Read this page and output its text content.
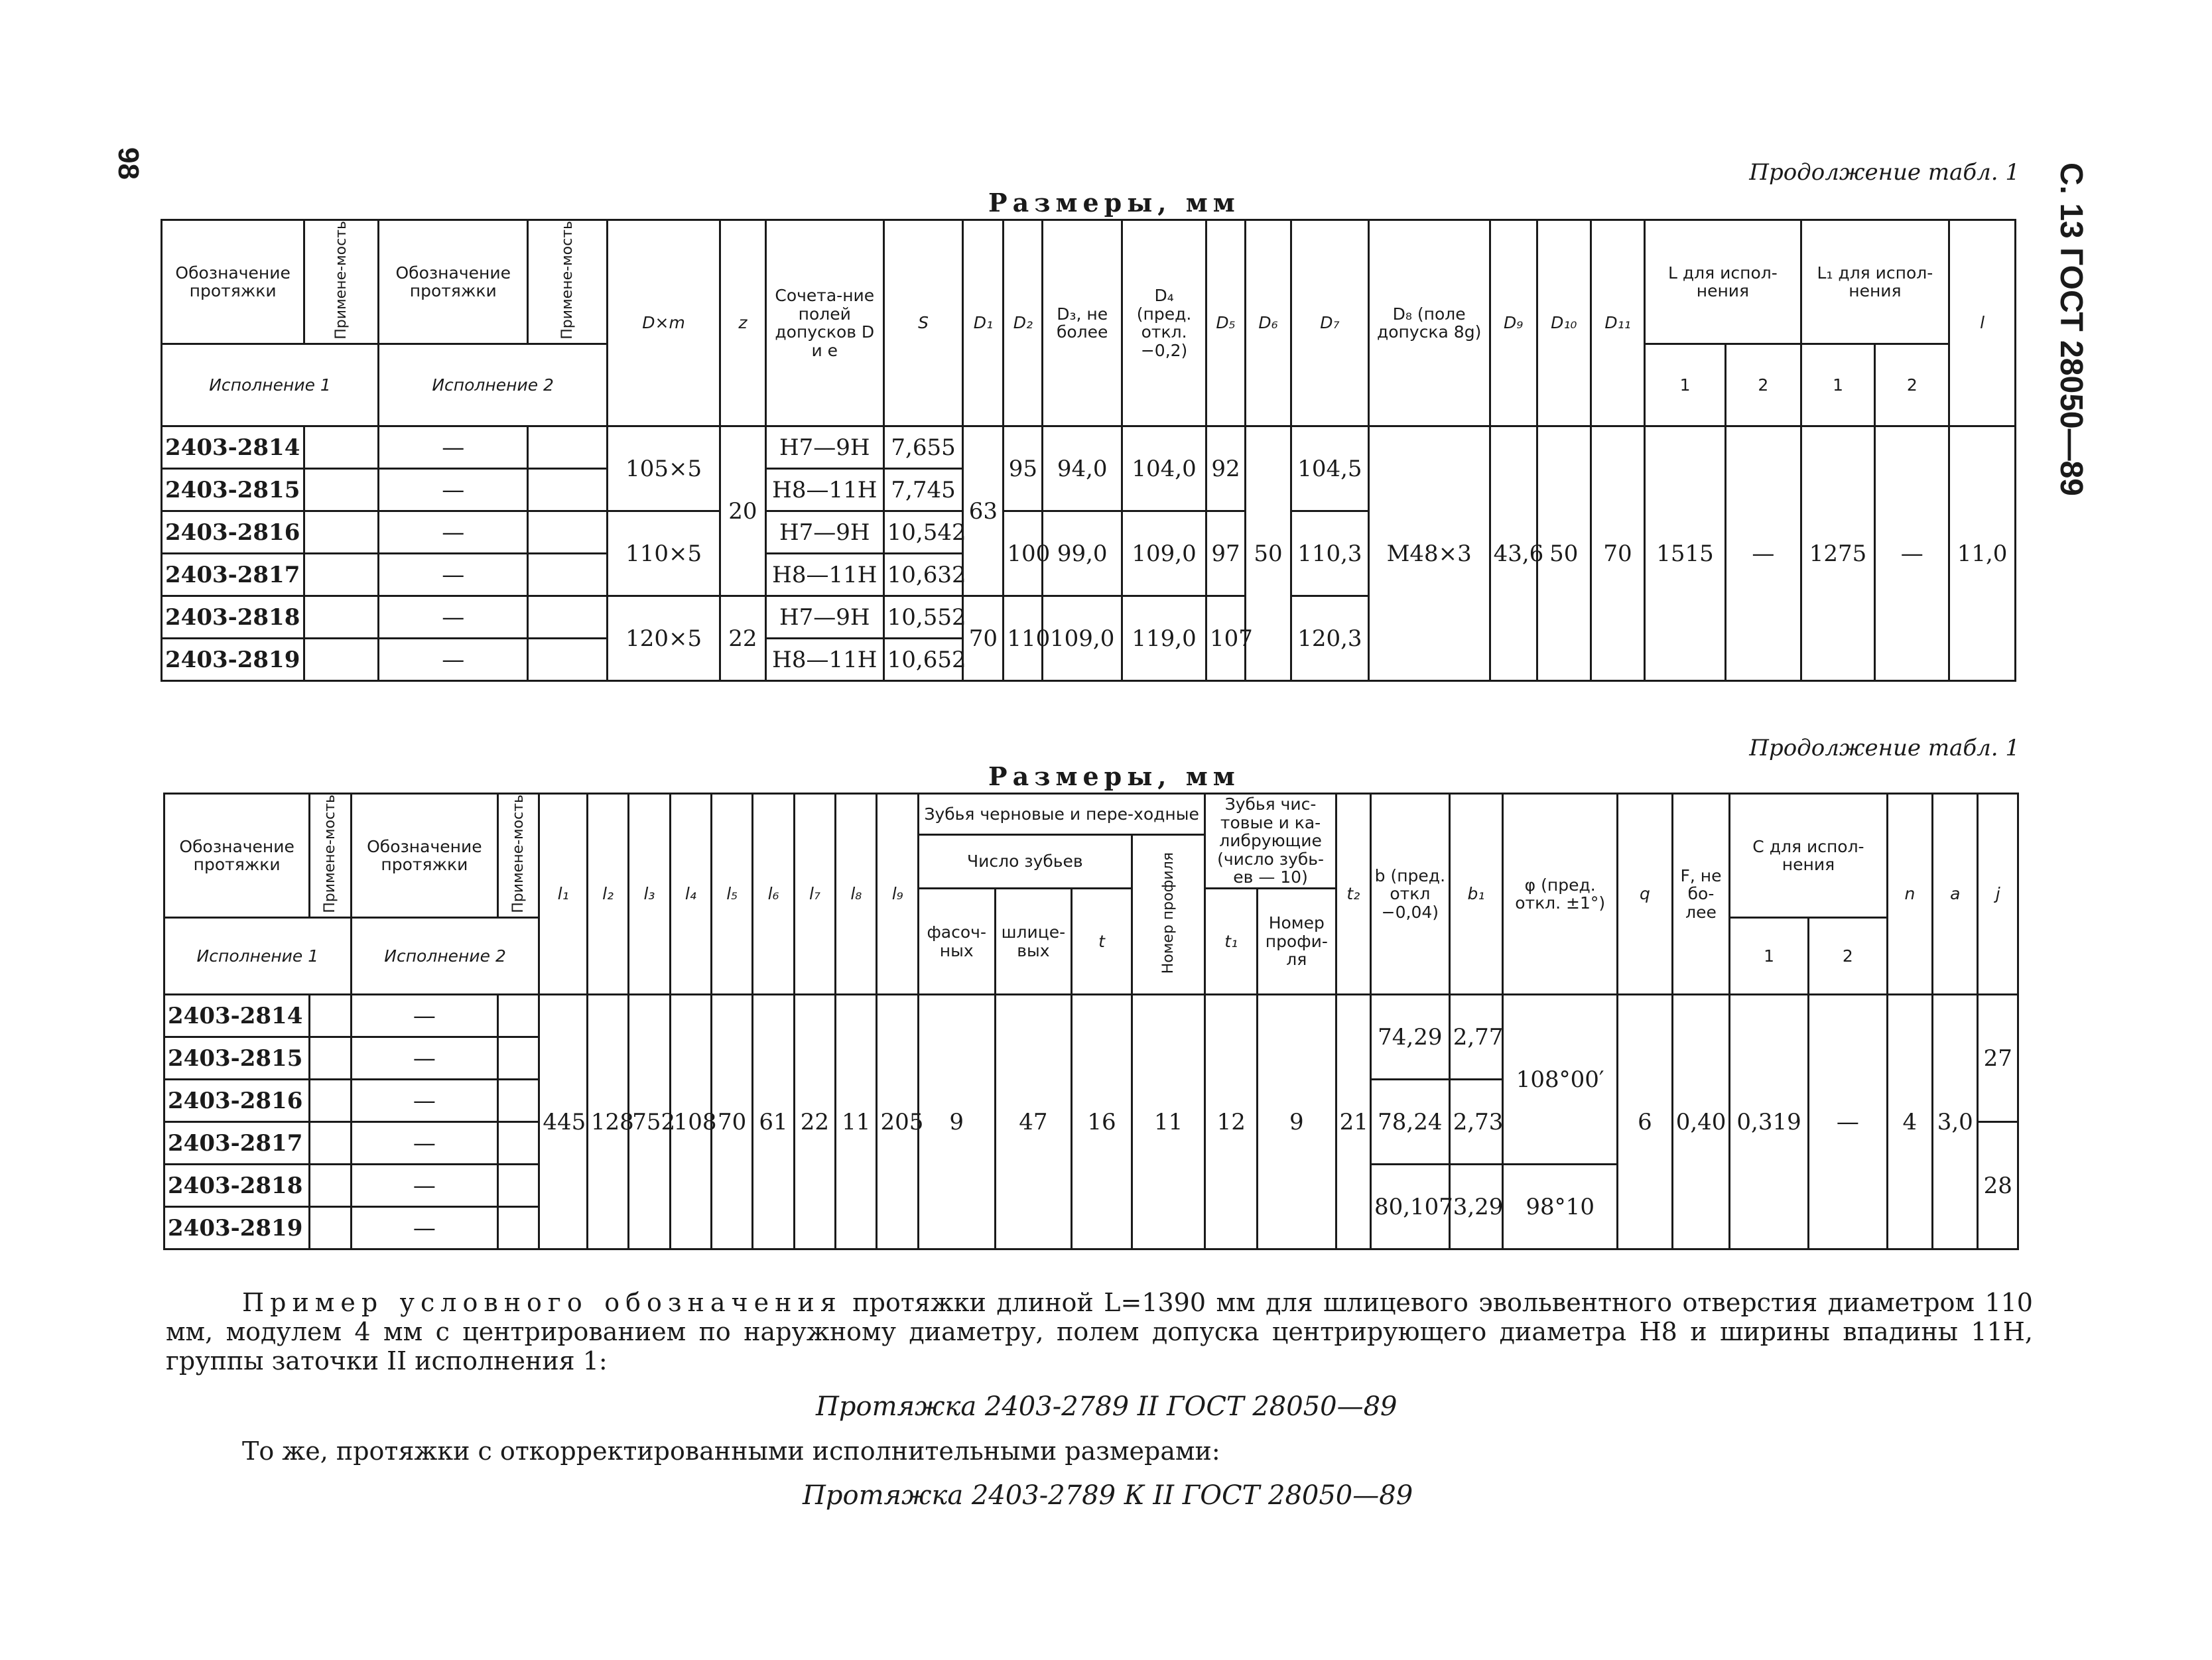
98	С. 13 ГОСТ 28050—89
Продолжение табл. 1
Размеры, мм
Обозначение протяжки	Примене-мость	Обозначение протяжки	Примене-мость	D×m	z	Сочета-ние полей допусков D и e	S	D₁	D₂	D₃, не более	D₄ (пред. откл. −0,2)	D₅	D₆	D₇	D₈ (поле допуска 8g)	D₉	D₁₀	D₁₁	L для испол-нения		L₁ для испол-нения		l
Исполнение 1		Исполнение 2																	1	2	1	2	
2403-2814		—		105×5	20	H7—9H	7,655	63	95	94,0	104,0	92	50	104,5	M48×3	43,6	50	70	1515	—	1275	—	11,0
2403-2815		—				H8—11H	7,745																
2403-2816		—		110×5		H7—9H	10,542		100	99,0	109,0	97		110,3									
2403-2817		—				H8—11H	10,632																
2403-2818		—		120×5	22	H7—9H	10,552	70	110	109,0	119,0	107		120,3									
2403-2819		—				H8—11H	10,652																
Продолжение табл. 1
Размеры, мм
Обозначение протяжки	Примене-мость	Обозначение протяжки	Примене-мость	l₁	l₂	l₃	l₄	l₅	l₆	l₇	l₈	l₉	Зубья черновые и пере-ходные				Зубья чис-товые и ка-либрующие (число зубь-ев — 10)		t₂	b (пред. откл −0,04)	b₁	φ (пред. откл. ±1°)	q	F, не бо-лее	С для испол-нения		n	a	j
													Число зубьев			Номер профиля													
													фасоч-ных	шлице-вых	t		t₁	Номер профи-ля											
Исполнение 1		Исполнение 2																							1	2			
2403-2814		—		445	128	752	108	70	61	22	11	205	9	47	16	11	12	9	21	74,29	2,77	108°00′	6	0,40	0,319	—	4	3,0	27
2403-2815		—																											
2403-2816		—																		78,24	2,73								
2403-2817		—																											28
2403-2818		—																		80,107	3,29	98°10							
2403-2819		—																											
Пример условного обозначения протяжки длиной L=1390 мм для шлицевого эвольвентного отверстия диаметром 110 мм, модулем 4 мм с центрированием по наружному диаметру, полем допуска центрирующего диаметра H8 и ширины впадины 11H, группы заточки II исполнения 1:
Протяжка 2403-2789 II ГОСТ 28050—89
То же, протяжки с откорректированными исполнительными размерами:
Протяжка 2403-2789 К II ГОСТ 28050—89
